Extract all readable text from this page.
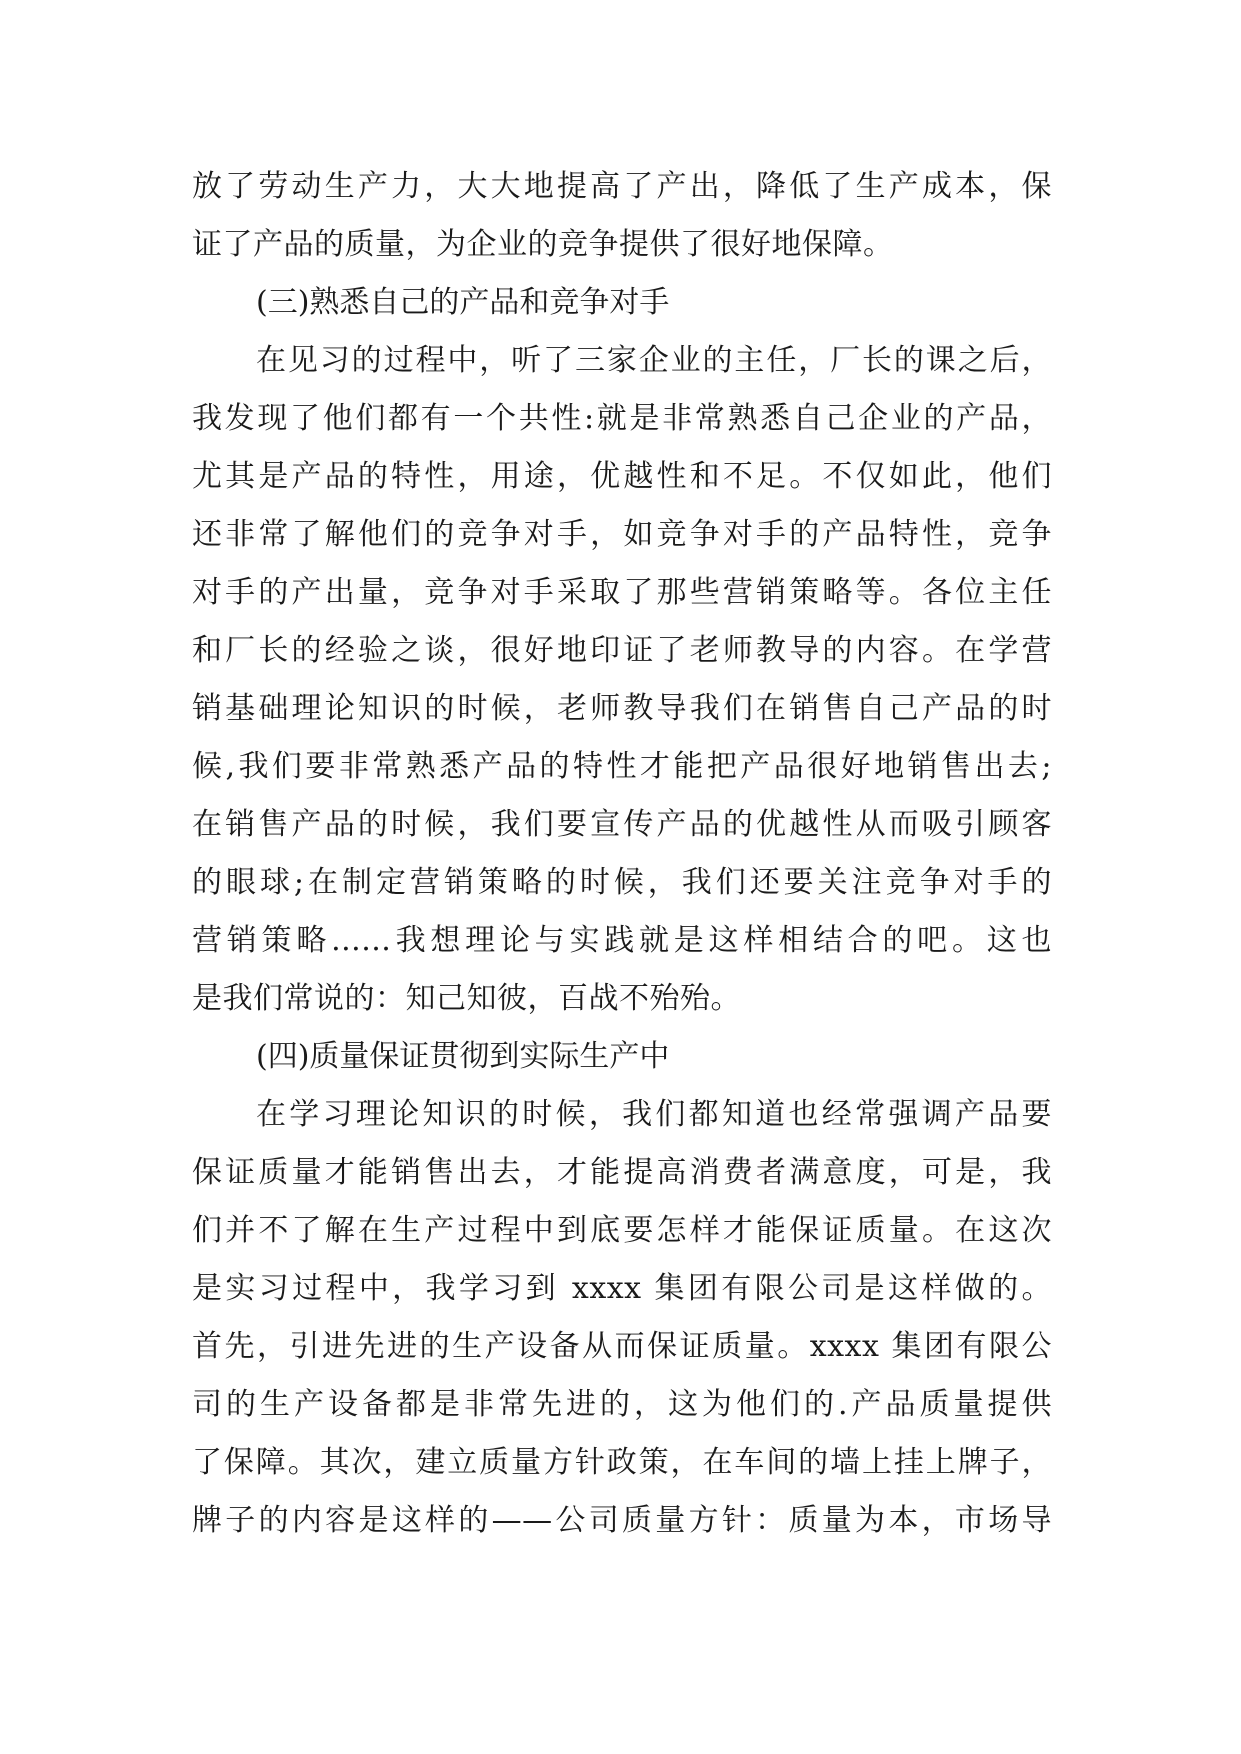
放了劳动生产力，大大地提高了产出，降低了生产成本，保
证了产品的质量，为企业的竞争提供了很好地保障。
(三)熟悉自己的产品和竞争对手
在见习的过程中，听了三家企业的主任，厂长的课之后，
我发现了他们都有一个共性:就是非常熟悉自己企业的产品，
尤其是产品的特性，用途，优越性和不足。不仅如此，他们
还非常了解他们的竞争对手，如竞争对手的产品特性，竞争
对手的产出量，竞争对手采取了那些营销策略等。各位主任
和厂长的经验之谈，很好地印证了老师教导的内容。在学营
销基础理论知识的时候，老师教导我们在销售自己产品的时
候,我们要非常熟悉产品的特性才能把产品很好地销售出去;
在销售产品的时候，我们要宣传产品的优越性从而吸引顾客
的眼球;在制定营销策略的时候，我们还要关注竞争对手的
营销策略......我想理论与实践就是这样相结合的吧。这也
是我们常说的：知己知彼，百战不殆殆。
(四)质量保证贯彻到实际生产中
在学习理论知识的时候，我们都知道也经常强调产品要
保证质量才能销售出去，才能提高消费者满意度，可是，我
们并不了解在生产过程中到底要怎样才能保证质量。在这次
是实习过程中，我学习到 xxxx 集团有限公司是这样做的。
首先，引进先进的生产设备从而保证质量。xxxx 集团有限公
司的生产设备都是非常先进的，这为他们的.产品质量提供
了保障。其次，建立质量方针政策，在车间的墙上挂上牌子，
牌子的内容是这样的——公司质量方针：质量为本，市场导
